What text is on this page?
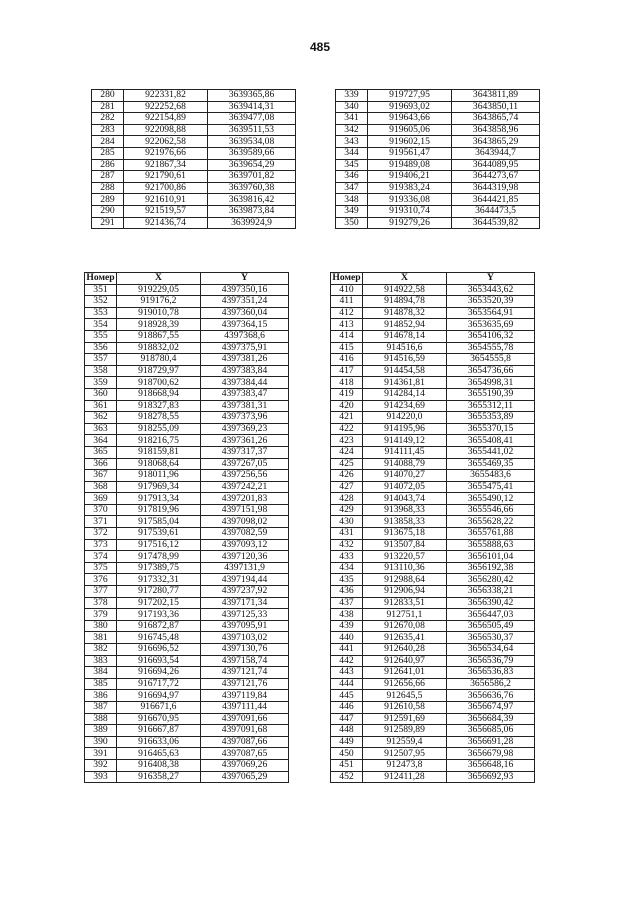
485
280	922331,82	3639365,86
281	922252,68	3639414,31
282	922154,89	3639477,08
283	922098,88	3639511,53
284	922062,58	3639534,08
285	921976,66	3639589,66
286	921867,34	3639654,29
287	921790,61	3639701,82
288	921700,86	3639760,38
289	921610,91	3639816,42
290	921519,57	3639873,84
291	921436,74	3639924,9
339	919727,95	3643811,89
340	919693,02	3643850,11
341	919643,66	3643865,74
342	919605,06	3643858,96
343	919602,15	3643865,29
344	919561,47	3643944,7
345	919489,08	3644089,95
346	919406,21	3644273,67
347	919383,24	3644319,98
348	919336,08	3644421,85
349	919310,74	3644473,5
350	919279,26	3644539,82
Номер	X	Y
351	919229,05	4397350,16
352	919176,2	4397351,24
353	919010,78	4397360,04
354	918928,39	4397364,15
355	918867,55	4397368,6
356	918832,02	4397375,91
357	918780,4	4397381,26
358	918729,97	4397383,84
359	918700,62	4397384,44
360	918668,94	4397383,47
361	918327,83	4397381,31
362	918278,55	4397373,96
363	918255,09	4397369,23
364	918216,75	4397361,26
365	918159,81	4397317,37
366	918068,64	4397267,05
367	918011,96	4397256,56
368	917969,34	4397242,21
369	917913,34	4397201,83
370	917819,96	4397151,98
371	917585,04	4397098,02
372	917539,61	4397082,59
373	917516,12	4397093,12
374	917478,99	4397120,36
375	917389,75	4397131,9
376	917332,31	4397194,44
377	917280,77	4397237,92
378	917202,15	4397171,34
379	917193,36	4397125,33
380	916872,87	4397095,91
381	916745,48	4397103,02
382	916696,52	4397130,76
383	916693,54	4397158,74
384	916694,26	4397121,74
385	916717,72	4397121,76
386	916694,97	4397119,84
387	916671,6	4397111,44
388	916670,95	4397091,66
389	916667,87	4397091,68
390	916633,06	4397087,66
391	916465,63	4397087,65
392	916408,38	4397069,26
393	916358,27	4397065,29
Номер	X	Y
410	914922,58	3653443,62
411	914894,78	3653520,39
412	914878,32	3653564,91
413	914852,94	3653635,69
414	914678,14	3654106,32
415	914516,6	3654555,78
416	914516,59	3654555,8
417	914454,58	3654736,66
418	914361,81	3654998,31
419	914284,14	3655190,39
420	914234,69	3655312,11
421	914220,0	3655353,89
422	914195,96	3655370,15
423	914149,12	3655408,41
424	914111,45	3655441,02
425	914088,79	3655469,35
426	914070,27	3655483,6
427	914072,05	3655475,41
428	914043,74	3655490,12
429	913968,33	3655546,66
430	913858,33	3655628,22
431	913675,18	3655761,88
432	913507,84	3655888,63
433	913220,57	3656101,04
434	913110,36	3656192,38
435	912988,64	3656280,42
436	912906,94	3656338,21
437	912833,51	3656390,42
438	912751,1	3656447,03
439	912670,08	3656505,49
440	912635,41	3656530,37
441	912640,28	3656534,64
442	912640,97	3656536,79
443	912641,01	3656536,83
444	912656,66	3656586,2
445	912645,5	3656636,76
446	912610,58	3656674,97
447	912591,69	3656684,39
448	912589,89	3656685,06
449	912559,4	3656691,28
450	912507,95	3656679,98
451	912473,8	3656648,16
452	912411,28	3656692,93
